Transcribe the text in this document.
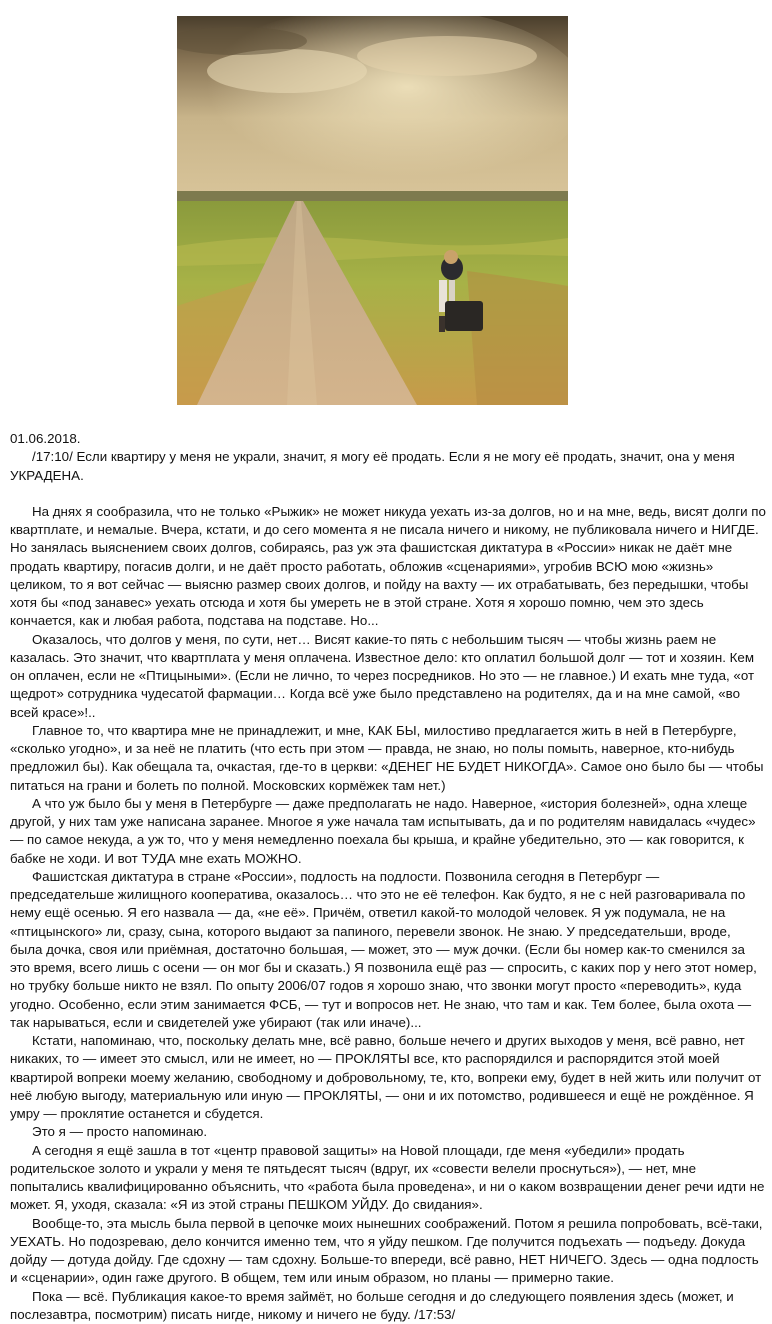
01.06.2018.

/17:10/ Если квартиру у меня не украли, значит, я могу её продать. Если я не могу её продать, значит, она у меня УКРАДЕНА.

На днях я сообразила, что не только «Рыжик» не может никуда уехать из-за долгов, но и на мне, ведь, висят долги по квартплате, и немалые. Вчера, кстати, и до сего момента я не писала ничего и никому, не публиковала ничего и НИГДЕ. Но занялась выяснением своих долгов, собираясь, раз уж эта фашистская диктатура в «России» никак не даёт мне продать квартиру, погасив долги, и не даёт просто работать, обложив «сценариями», угробив ВСЮ мою «жизнь» целиком, то я вот сейчас — выясню размер своих долгов, и пойду на вахту — их отрабатывать, без передышки, чтобы хотя бы «под занавес» уехать отсюда и хотя бы умереть не в этой стране. Хотя я хорошо помню, чем это здесь кончается, как и любая работа, подстава на подставе. Но...

Оказалось, что долгов у меня, по сути, нет… Висят какие-то пять с небольшим тысяч — чтобы жизнь раем не казалась. Это значит, что квартплата у меня оплачена. Известное дело: кто оплатил большой долг — тот и хозяин. Кем он оплачен, если не «Птицыными». (Если не лично, то через посредников. Но это — не главное.) И ехать мне туда, «от щедрот» сотрудника чудесатой фармации… Когда всё уже было представлено на родителях, да и на мне самой, «во всей красе»!..

Главное то, что квартира мне не принадлежит, и мне, КАК БЫ, милостиво предлагается жить в ней в Петербурге, «сколько угодно», и за неё не платить (что есть при этом — правда, не знаю, но полы помыть, наверное, кто-нибудь предложил бы). Как обещала та, очкастая, где-то в церкви: «ДЕНЕГ НЕ БУДЕТ НИКОГДА». Самое оно было бы — чтобы питаться на грани и болеть по полной. Московских кормёжек там нет.)

А что уж было бы у меня в Петербурге — даже предполагать не надо. Наверное, «история болезней», одна хлеще другой, у них там уже написана заранее. Многое я уже начала там испытывать, да и по родителям навидалась «чудес» — по самое некуда, а уж то, что у меня немедленно поехала бы крыша, и крайне убедительно, это — как говорится, к бабке не ходи. И вот ТУДА мне ехать МОЖНО.

Фашистская диктатура в стране «России», подлость на подлости. Позвонила сегодня в Петербург — председательше жилищного кооператива, оказалось… что это не её телефон. Как будто, я не с ней разговаривала по нему ещё осенью. Я его назвала — да, «не её». Причём, ответил какой-то молодой человек. Я уж подумала, не на «птицынского» ли, сразу, сына, которого выдают за папиного, перевели звонок. Не знаю. У председательши, вроде, была дочка, своя или приёмная, достаточно большая, — может, это — муж дочки. (Если бы номер как-то сменился за это время, всего лишь с осени — он мог бы и сказать.) Я позвонила ещё раз — спросить, с каких пор у него этот номер, но трубку больше никто не взял. По опыту 2006/07 годов я хорошо знаю, что звонки могут просто «переводить», куда угодно. Особенно, если этим занимается ФСБ, — тут и вопросов нет. Не знаю, что там и как. Тем более, была охота — так нарываться, если и свидетелей уже убирают (так или иначе)...

Кстати, напоминаю, что, поскольку делать мне, всё равно, больше нечего и других выходов у меня, всё равно, нет никаких, то — имеет это смысл, или не имеет, но — ПРОКЛЯТЫ все, кто распорядился и распорядится этой моей квартирой вопреки моему желанию, свободному и добровольному, те, кто, вопреки ему, будет в ней жить или получит от неё любую выгоду, материальную или иную — ПРОКЛЯТЫ, — они и их потомство, родившееся и ещё не рождённое. Я умру — проклятие останется и сбудется.

Это я — просто напоминаю.

А сегодня я ещё зашла в тот «центр правовой защиты» на Новой площади, где меня «убедили» продать родительское золото и украли у меня те пятьдесят тысяч (вдруг, их «совести велели проснуться»), — нет, мне попытались квалифицированно объяснить, что «работа была проведена», и ни о каком возвращении денег речи идти не может. Я, уходя, сказала: «Я из этой страны ПЕШКОМ УЙДУ. До свидания».

Вообще-то, эта мысль была первой в цепочке моих нынешних соображений. Потом я решила попробовать, всё-таки, УЕХАТЬ. Но подозреваю, дело кончится именно тем, что я уйду пешком. Где получится подъехать — подъеду. Докуда дойду — дотуда дойду. Где сдохну — там сдохну. Больше-то впереди, всё равно, НЕТ НИЧЕГО. Здесь — одна подлость и «сценарии», один гаже другого. В общем, тем или иным образом, но планы — примерно такие.

Пока — всё. Публикация какое-то время займёт, но больше сегодня и до следующего появления здесь (может, и послезавтра, посмотрим) писать нигде, никому и ничего не буду. /17:53/
